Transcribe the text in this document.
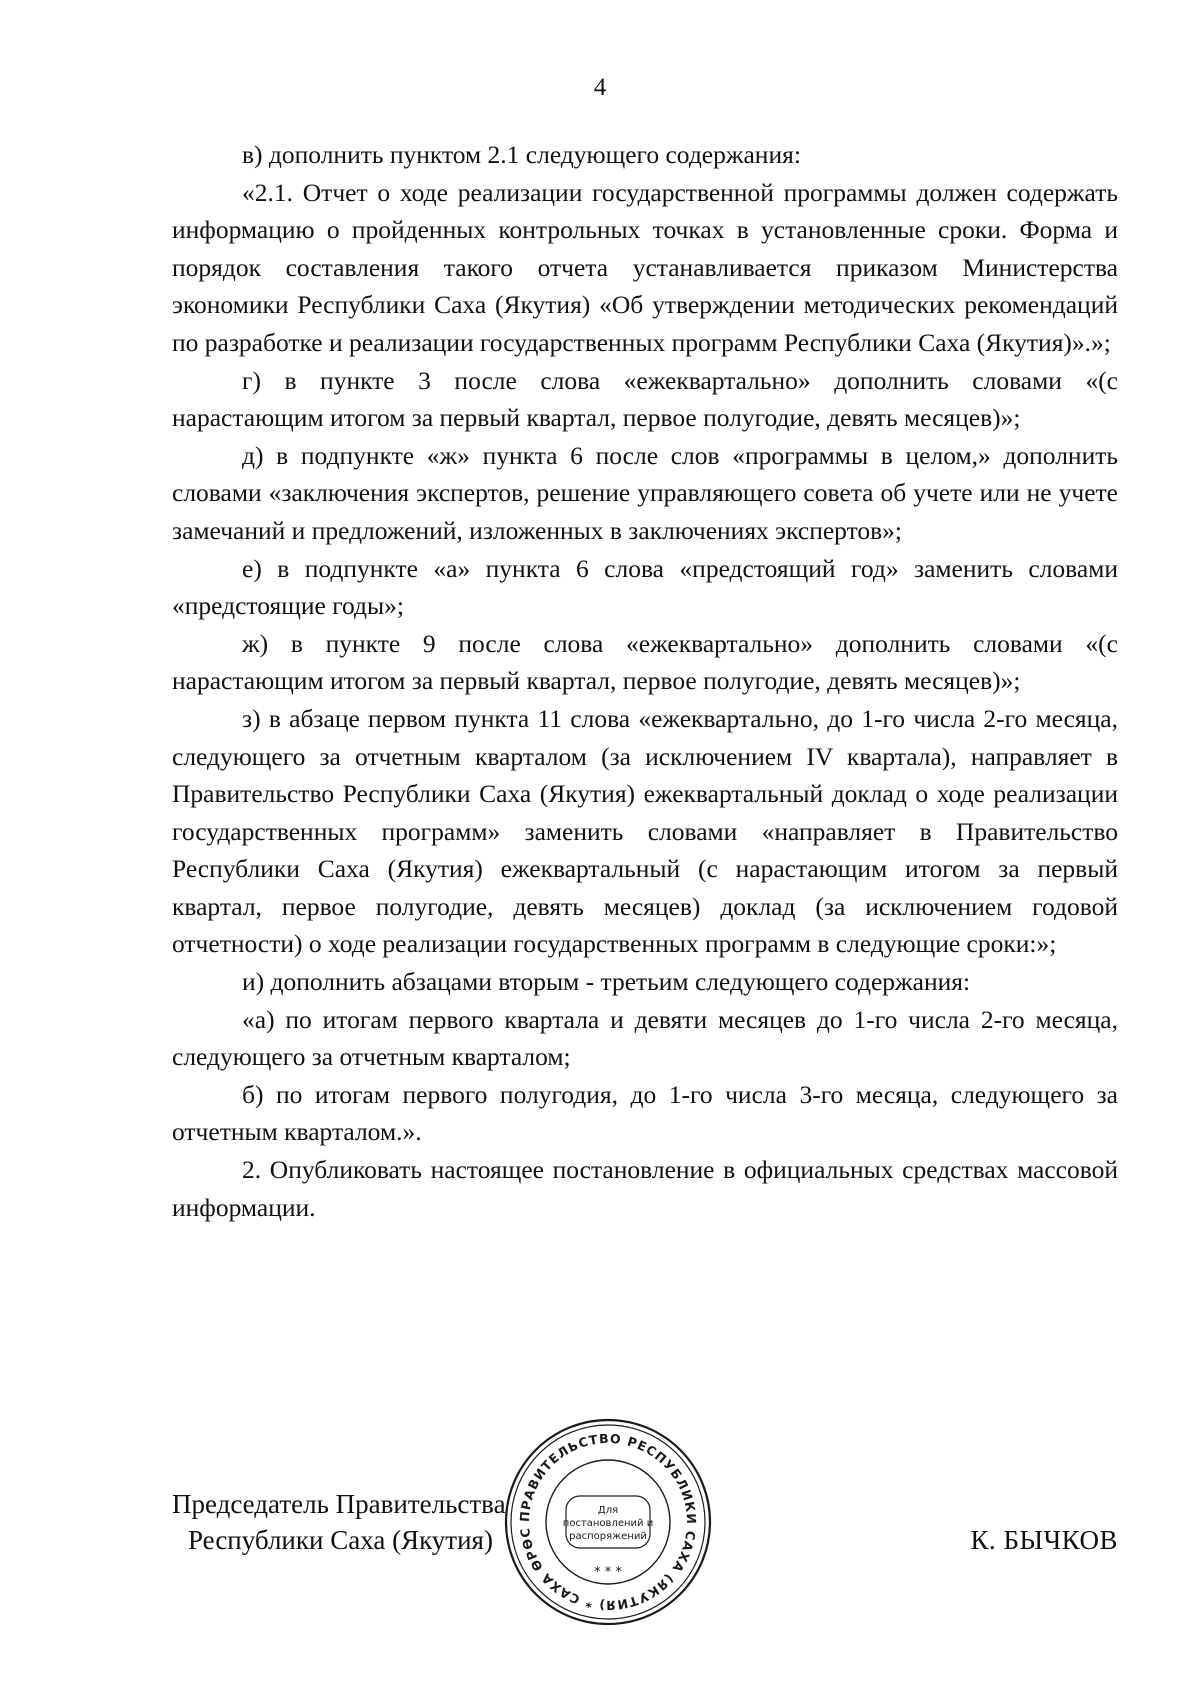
4

в) дополнить пунктом 2.1 следующего содержания:

«2.1. Отчет о ходе реализации государственной программы должен содержать информацию о пройденных контрольных точках в установленные сроки. Форма и порядок составления такого отчета устанавливается приказом Министерства экономики Республики Саха (Якутия) «Об утверждении методических рекомендаций по разработке и реализации государственных программ Республики Саха (Якутия)».»;

г) в пункте 3 после слова «ежеквартально» дополнить словами «(с нарастающим итогом за первый квартал, первое полугодие, девять месяцев)»;

д) в подпункте «ж» пункта 6 после слов «программы в целом,» дополнить словами «заключения экспертов, решение управляющего совета об учете или не учете замечаний и предложений, изложенных в заключениях экспертов»;

е) в подпункте «а» пункта 6 слова «предстоящий год» заменить словами «предстоящие годы»;

ж) в пункте 9 после слова «ежеквартально» дополнить словами «(с нарастающим итогом за первый квартал, первое полугодие, девять месяцев)»;

з) в абзаце первом пункта 11 слова «ежеквартально, до 1-го числа 2-го месяца, следующего за отчетным кварталом (за исключением IV квартала), направляет в Правительство Республики Саха (Якутия) ежеквартальный доклад о ходе реализации государственных программ» заменить словами «направляет в Правительство Республики Саха (Якутия) ежеквартальный (с нарастающим итогом за первый квартал, первое полугодие, девять месяцев) доклад (за исключением годовой отчетности) о ходе реализации государственных программ в следующие сроки:»;

и) дополнить абзацами вторым - третьим следующего содержания:

«а) по итогам первого квартала и девяти месяцев до 1-го числа 2-го месяца, следующего за отчетным кварталом;

б) по итогам первого полугодия, до 1-го числа 3-го месяца, следующего за отчетным кварталом.».

2. Опубликовать настоящее постановление в официальных средствах массовой информации.

Председатель Правительства
Республики Саха (Якутия)	К. БЫЧКОВ
ПРАВИТЕЛЬСТВО РЕСПУБЛИКИ САХА (ЯКУТИЯ) * САХА ӨРӨС
Для
постановлений и
распоряжений
* * *
